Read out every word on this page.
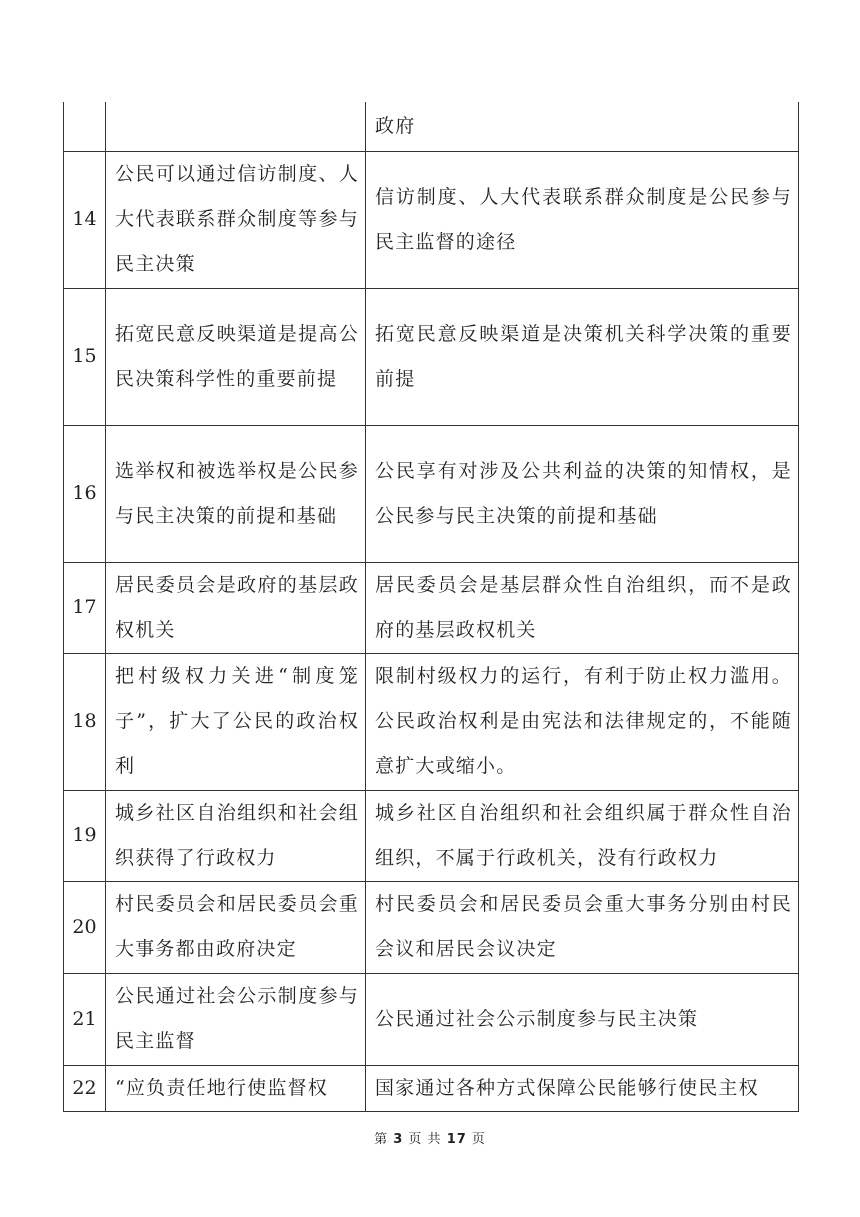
		政府
14	公民可以通过信访制度、人大代表联系群众制度等参与民主决策	信访制度、人大代表联系群众制度是公民参与民主监督的途径
15	拓宽民意反映渠道是提高公民决策科学性的重要前提	拓宽民意反映渠道是决策机关科学决策的重要前提
16	选举权和被选举权是公民参与民主决策的前提和基础	公民享有对涉及公共利益的决策的知情权，是公民参与民主决策的前提和基础
17	居民委员会是政府的基层政权机关	居民委员会是基层群众性自治组织，而不是政府的基层政权机关
18	把村级权力关进“制度笼子”，扩大了公民的政治权利	限制村级权力的运行，有利于防止权力滥用。公民政治权利是由宪法和法律规定的，不能随意扩大或缩小。
19	城乡社区自治组织和社会组织获得了行政权力	城乡社区自治组织和社会组织属于群众性自治组织，不属于行政机关，没有行政权力
20	村民委员会和居民委员会重大事务都由政府决定	村民委员会和居民委员会重大事务分别由村民会议和居民会议决定
21	公民通过社会公示制度参与民主监督	公民通过社会公示制度参与民主决策
22	“应负责任地行使监督权	国家通过各种方式保障公民能够行使民主权
第 3 页 共 17 页
